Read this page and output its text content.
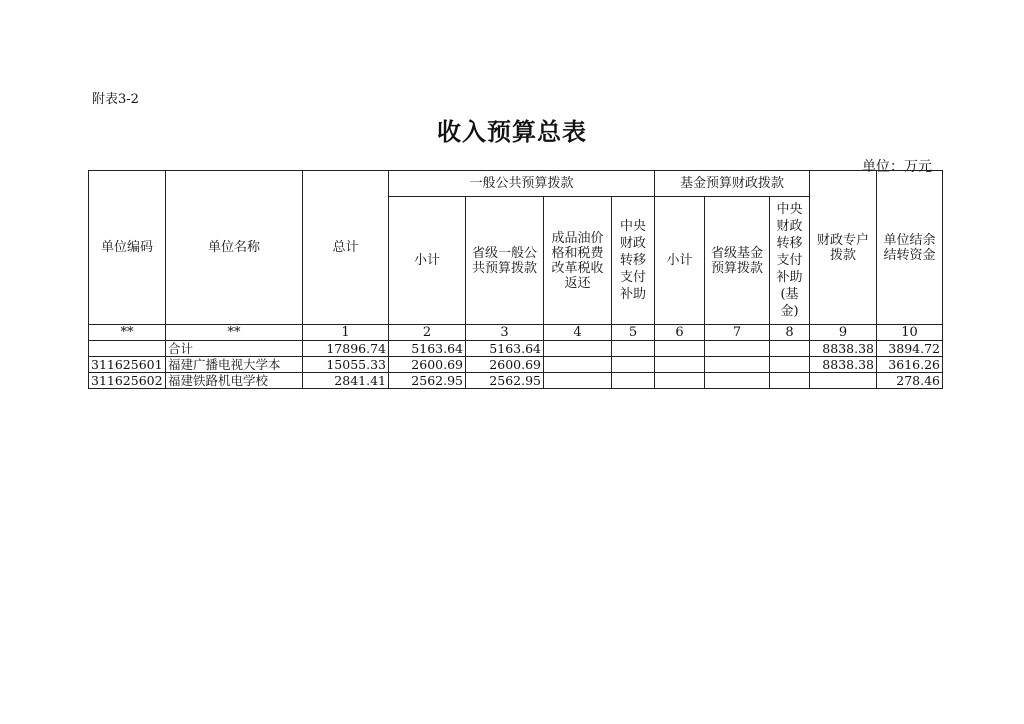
附表3-2
收入预算总表
单位：万元
单位编码	单位名称	总计	一般公共预算拨款				基金预算财政拨款			财政专户拨款	单位结余结转资金

			小计	省级一般公共预算拨款	成品油价格和税费改革税收返还	中央财政转移支付补助	小计	省级基金预算拨款	中央财政转移支付补助(基金)		

**	**	1	2	3	4	5	6	7	8	9	10
	合计	17896.74	5163.64	5163.64						8838.38	3894.72
311625601	福建广播电视大学本	15055.33	2600.69	2600.69						8838.38	3616.26
311625602	福建铁路机电学校	2841.41	2562.95	2562.95							278.46
